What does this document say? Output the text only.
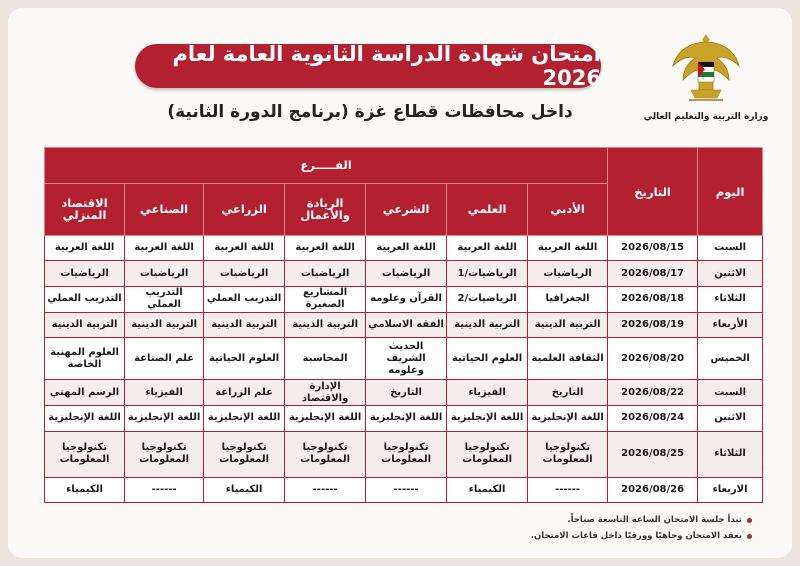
وزارة التربية والتعليم العالي
امتحان شهادة الدراسة الثانوية العامة لعام 2026
داخل محافظات قطاع غزة (برنامج الدورة الثانية)
اليوم	التاريخ	الفـــــرع						
		الأدبي	العلمي	الشرعي	الريادة والأعمال	الزراعي	الصناعي	الاقتصاد المنزلي
السبت	2026/08/15	اللغة العربية	اللغة العربية	اللغة العربية	اللغة العربية	اللغة العربية	اللغة العربية	اللغة العربية
الاثنين	2026/08/17	الرياضيات	الرياضيات/1	الرياضيات	الرياضيات	الرياضيات	الرياضيات	الرياضيات
الثلاثاء	2026/08/18	الجغرافيا	الرياضيات/2	القرآن وعلومه	المشاريع الصغيرة	التدريب العملي	التدريب العملي	التدريب العملي
الأربعاء	2026/08/19	التربية الدينية	التربية الدينية	الفقه الاسلامي	التربية الدينية	التربية الدينية	التربية الدينية	التربية الدينية
الخميس	2026/08/20	الثقافة العلمية	العلوم الحياتية	الحديث الشريف وعلومه	المحاسبة	العلوم الحياتية	علم الصناعة	العلوم المهنية الخاصة
السبت	2026/08/22	التاريخ	الفيزياء	التاريخ	الإدارة والاقتصاد	علم الزراعة	الفيزياء	الرسم المهني
الاثنين	2026/08/24	اللغة الإنجليزية	اللغة الإنجليزية	اللغة الإنجليزية	اللغة الإنجليزية	اللغة الإنجليزية	اللغة الإنجليزية	اللغة الإنجليزية
الثلاثاء	2026/08/25	تكنولوجيا المعلومات	تكنولوجيا المعلومات	تكنولوجيا المعلومات	تكنولوجيا المعلومات	تكنولوجيا المعلومات	تكنولوجيا المعلومات	تكنولوجيا المعلومات
الاربعاء	2026/08/26	------	الكيمياء	------	------	الكيمياء	------	الكيمياء
تبدأ جلسة الامتحان الساعة التاسعة صباحاً.
يعقد الامتحان وجاهيًا وورقيًا داخل قاعات الامتحان.
